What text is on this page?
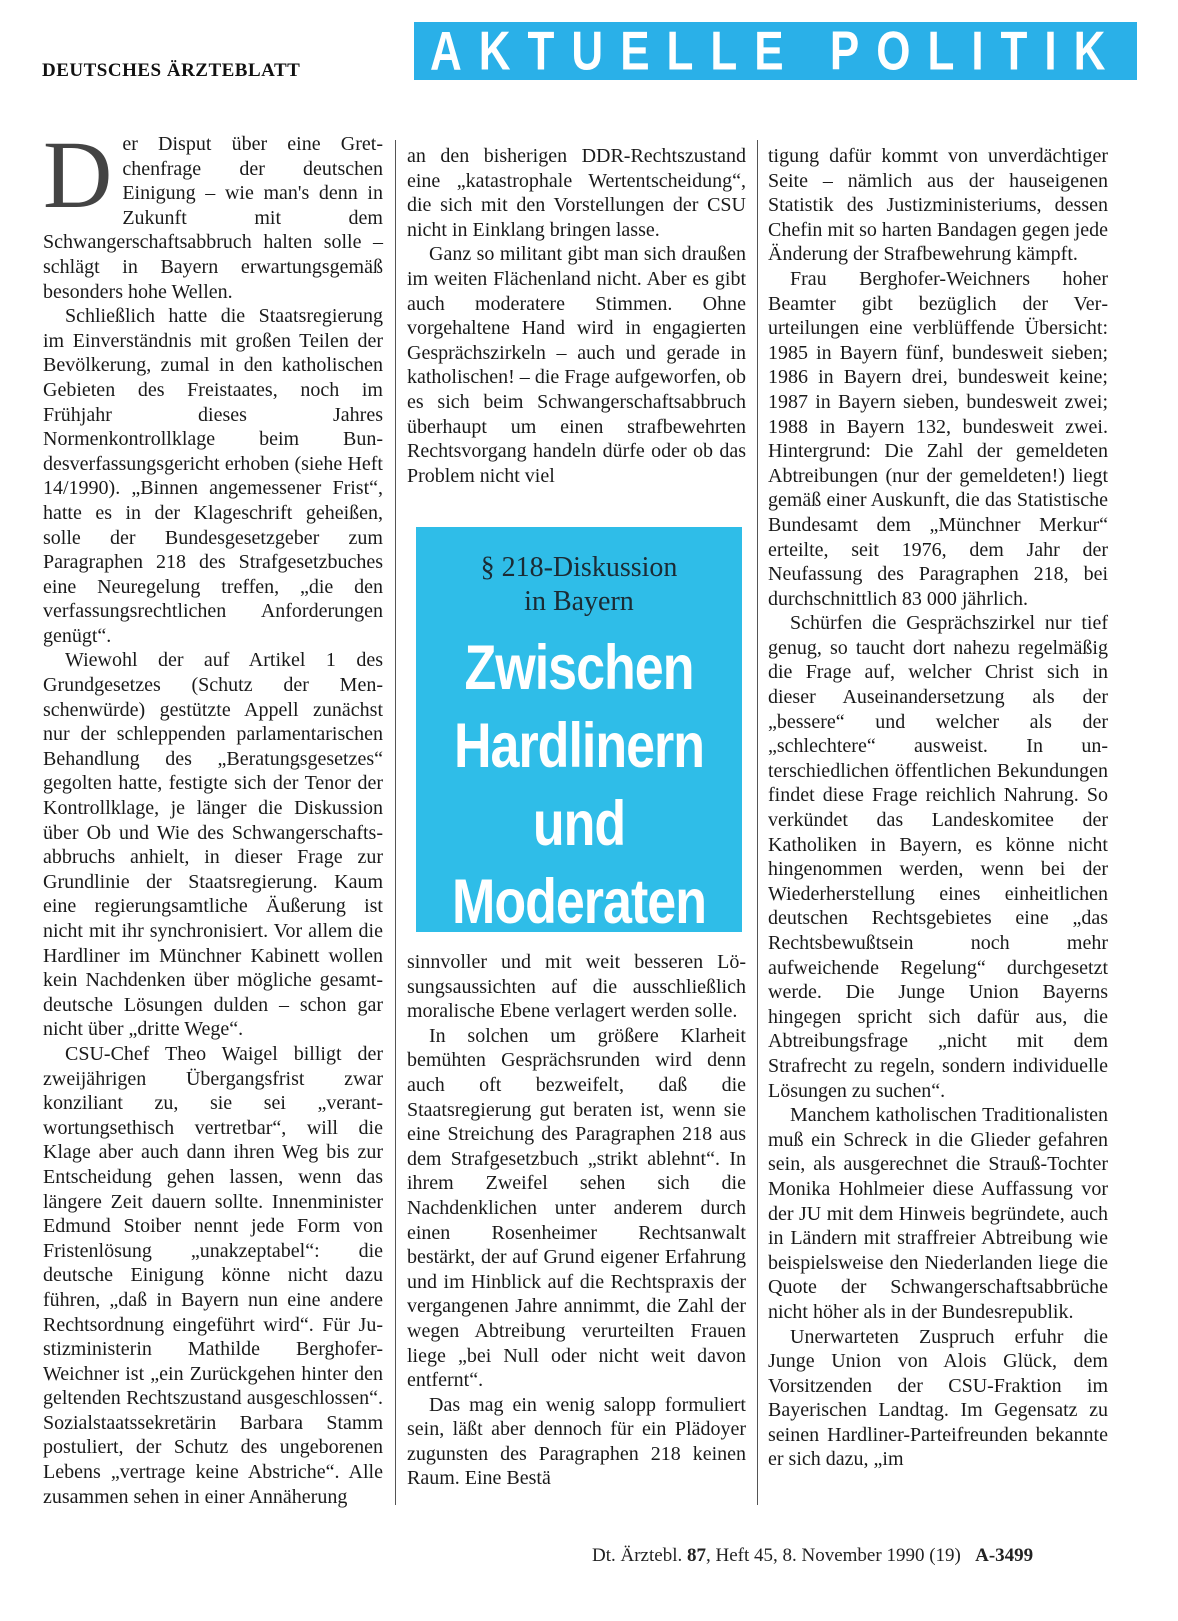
DEUTSCHES ÄRZTEBLATT	AKTUELLE POLITIK

Der Disput über eine Gretchenfrage der deutschen Einigung – wie man's denn in Zukunft mit dem Schwangerschaftsabbruch halten solle – schlägt in Bayern erwartungsgemäß besonders hohe Wellen.

Schließlich hatte die Staatsregierung im Einverständnis mit großen Teilen der Bevölkerung, zumal in den katholischen Gebieten des Freistaates, noch im Frühjahr dieses Jahres Normenkontrollklage beim Bundesverfassungsgericht erhoben (siehe Heft 14/1990). „Binnen angemessener Frist“, hatte es in der Klageschrift geheißen, solle der Bundesgesetzgeber zum Paragraphen 218 des Strafgesetzbuches eine Neuregelung treffen, „die den verfassungsrechtlichen Anforderungen genügt“.

Wiewohl der auf Artikel 1 des Grundgesetzes (Schutz der Menschenwürde) gestützte Appell zunächst nur der schleppenden parlamentarischen Behandlung des „Beratungsgesetzes“ gegolten hatte, festigte sich der Tenor der Kontrollklage, je länger die Diskussion über Ob und Wie des Schwangerschaftsabbruchs anhielt, in dieser Frage zur Grundlinie der Staatsregierung. Kaum eine regierungsamtliche Äußerung ist nicht mit ihr synchronisiert. Vor allem die Hardliner im Münchner Kabinett wollen kein Nachdenken über mögliche gesamtdeutsche Lösungen dulden – schon gar nicht über „dritte Wege“.

CSU-Chef Theo Waigel billigt der zweijährigen Übergangsfrist zwar konziliant zu, sie sei „verantwortungsethisch vertretbar“, will die Klage aber auch dann ihren Weg bis zur Entscheidung gehen lassen, wenn das längere Zeit dauern sollte. Innenminister Edmund Stoiber nennt jede Form von Fristenlösung „unakzeptabel“: die deutsche Einigung könne nicht dazu führen, „daß in Bayern nun eine andere Rechtsordnung eingeführt wird“. Für Justizministerin Mathilde Berghofer-Weichner ist „ein Zurückgehen hinter den geltenden Rechtszustand ausgeschlossen“. Sozialstaatssekretärin Barbara Stamm postuliert, der Schutz des ungeborenen Lebens „vertrage keine Abstriche“. Alle zusammen sehen in einer Annäherung

an den bisherigen DDR-Rechtszustand eine „katastrophale Wertentscheidung“, die sich mit den Vorstellungen der CSU nicht in Einklang bringen lasse.

Ganz so militant gibt man sich draußen im weiten Flächenland nicht. Aber es gibt auch moderatere Stimmen. Ohne vorgehaltene Hand wird in engagierten Gesprächszirkeln – auch und gerade in katholischen! – die Frage aufgeworfen, ob es sich beim Schwangerschaftsabbruch überhaupt um einen strafbewehrten Rechtsvorgang handeln dürfe oder ob das Problem nicht viel

§ 218-Diskussion
in Bayern
Zwischen
Hardlinern
und
Moderaten

sinnvoller und mit weit besseren Lösungsaussichten auf die ausschließlich moralische Ebene verlagert werden solle.

In solchen um größere Klarheit bemühten Gesprächsrunden wird denn auch oft bezweifelt, daß die Staatsregierung gut beraten ist, wenn sie eine Streichung des Paragraphen 218 aus dem Strafgesetzbuch „strikt ablehnt“. In ihrem Zweifel sehen sich die Nachdenklichen unter anderem durch einen Rosenheimer Rechtsanwalt bestärkt, der auf Grund eigener Erfahrung und im Hinblick auf die Rechtspraxis der vergangenen Jahre annimmt, die Zahl der wegen Abtreibung verurteilten Frauen liege „bei Null oder nicht weit davon entfernt“.

Das mag ein wenig salopp formuliert sein, läßt aber dennoch für ein Plädoyer zugunsten des Paragraphen 218 keinen Raum. Eine Bestä

tigung dafür kommt von unverdächtiger Seite – nämlich aus der hauseigenen Statistik des Justizministeriums, dessen Chefin mit so harten Bandagen gegen jede Änderung der Strafbewehrung kämpft.

Frau Berghofer-Weichners hoher Beamter gibt bezüglich der Verurteilungen eine verblüffende Übersicht: 1985 in Bayern fünf, bundesweit sieben; 1986 in Bayern drei, bundesweit keine; 1987 in Bayern sieben, bundesweit zwei; 1988 in Bayern 132, bundesweit zwei. Hintergrund: Die Zahl der gemeldeten Abtreibungen (nur der gemeldeten!) liegt gemäß einer Auskunft, die das Statistische Bundesamt dem „Münchner Merkur“ erteilte, seit 1976, dem Jahr der Neufassung des Paragraphen 218, bei durchschnittlich 83 000 jährlich.

Schürfen die Gesprächszirkel nur tief genug, so taucht dort nahezu regelmäßig die Frage auf, welcher Christ sich in dieser Auseinandersetzung als der „bessere“ und welcher als der „schlechtere“ ausweist. In unterschiedlichen öffentlichen Bekundungen findet diese Frage reichlich Nahrung. So verkündet das Landeskomitee der Katholiken in Bayern, es könne nicht hingenommen werden, wenn bei der Wiederherstellung eines einheitlichen deutschen Rechtsgebietes eine „das Rechtsbewußtsein noch mehr aufweichende Regelung“ durchgesetzt werde. Die Junge Union Bayerns hingegen spricht sich dafür aus, die Abtreibungsfrage „nicht mit dem Strafrecht zu regeln, sondern individuelle Lösungen zu suchen“.

Manchem katholischen Traditionalisten muß ein Schreck in die Glieder gefahren sein, als ausgerechnet die Strauß-Tochter Monika Hohlmeier diese Auffassung vor der JU mit dem Hinweis begründete, auch in Ländern mit straffreier Abtreibung wie beispielsweise den Niederlanden liege die Quote der Schwangerschaftsabbrüche nicht höher als in der Bundesrepublik.

Unerwarteten Zuspruch erfuhr die Junge Union von Alois Glück, dem Vorsitzenden der CSU-Fraktion im Bayerischen Landtag. Im Gegensatz zu seinen Hardliner-Parteifreunden bekannte er sich dazu, „im

Dt. Ärztebl. 87, Heft 45, 8. November 1990 (19) A-3499
